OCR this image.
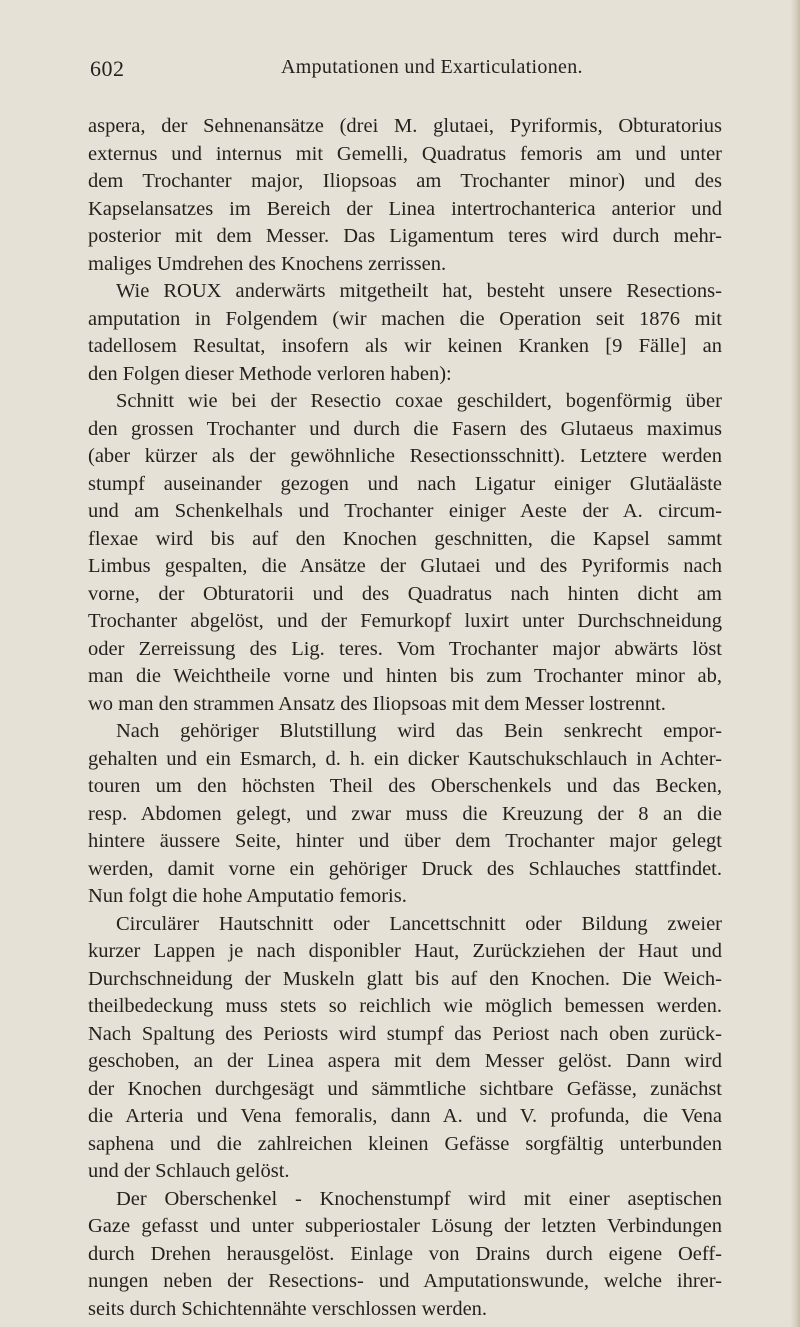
602	Amputationen und Exarticulationen.
aspera, der Sehnenansätze (drei M. glutaei, Pyriformis, Obturatorius
externus und internus mit Gemelli, Quadratus femoris am und unter
dem Trochanter major, Iliopsoas am Trochanter minor) und des
Kapselansatzes im Bereich der Linea intertrochanterica anterior und
posterior mit dem Messer. Das Ligamentum teres wird durch mehr-
maliges Umdrehen des Knochens zerrissen.
Wie ROUX anderwärts mitgetheilt hat, besteht unsere Resections-
amputation in Folgendem (wir machen die Operation seit 1876 mit
tadellosem Resultat, insofern als wir keinen Kranken [9 Fälle] an
den Folgen dieser Methode verloren haben):
Schnitt wie bei der Resectio coxae geschildert, bogenförmig über
den grossen Trochanter und durch die Fasern des Glutaeus maximus
(aber kürzer als der gewöhnliche Resectionsschnitt). Letztere werden
stumpf auseinander gezogen und nach Ligatur einiger Glutäaläste
und am Schenkelhals und Trochanter einiger Aeste der A. circum-
flexae wird bis auf den Knochen geschnitten, die Kapsel sammt
Limbus gespalten, die Ansätze der Glutaei und des Pyriformis nach
vorne, der Obturatorii und des Quadratus nach hinten dicht am
Trochanter abgelöst, und der Femurkopf luxirt unter Durchschneidung
oder Zerreissung des Lig. teres. Vom Trochanter major abwärts löst
man die Weichtheile vorne und hinten bis zum Trochanter minor ab,
wo man den strammen Ansatz des Iliopsoas mit dem Messer lostrennt.
Nach gehöriger Blutstillung wird das Bein senkrecht empor-
gehalten und ein Esmarch, d. h. ein dicker Kautschukschlauch in Achter-
touren um den höchsten Theil des Oberschenkels und das Becken,
resp. Abdomen gelegt, und zwar muss die Kreuzung der 8 an die
hintere äussere Seite, hinter und über dem Trochanter major gelegt
werden, damit vorne ein gehöriger Druck des Schlauches stattfindet.
Nun folgt die hohe Amputatio femoris.
Circulärer Hautschnitt oder Lancettschnitt oder Bildung zweier
kurzer Lappen je nach disponibler Haut, Zurückziehen der Haut und
Durchschneidung der Muskeln glatt bis auf den Knochen. Die Weich-
theilbedeckung muss stets so reichlich wie möglich bemessen werden.
Nach Spaltung des Periosts wird stumpf das Periost nach oben zurück-
geschoben, an der Linea aspera mit dem Messer gelöst. Dann wird
der Knochen durchgesägt und sämmtliche sichtbare Gefässe, zunächst
die Arteria und Vena femoralis, dann A. und V. profunda, die Vena
saphena und die zahlreichen kleinen Gefässe sorgfältig unterbunden
und der Schlauch gelöst.
Der Oberschenkel - Knochenstumpf wird mit einer aseptischen
Gaze gefasst und unter subperiostaler Lösung der letzten Verbindungen
durch Drehen herausgelöst. Einlage von Drains durch eigene Oeff-
nungen neben der Resections- und Amputationswunde, welche ihrer-
seits durch Schichtennähte verschlossen werden.
